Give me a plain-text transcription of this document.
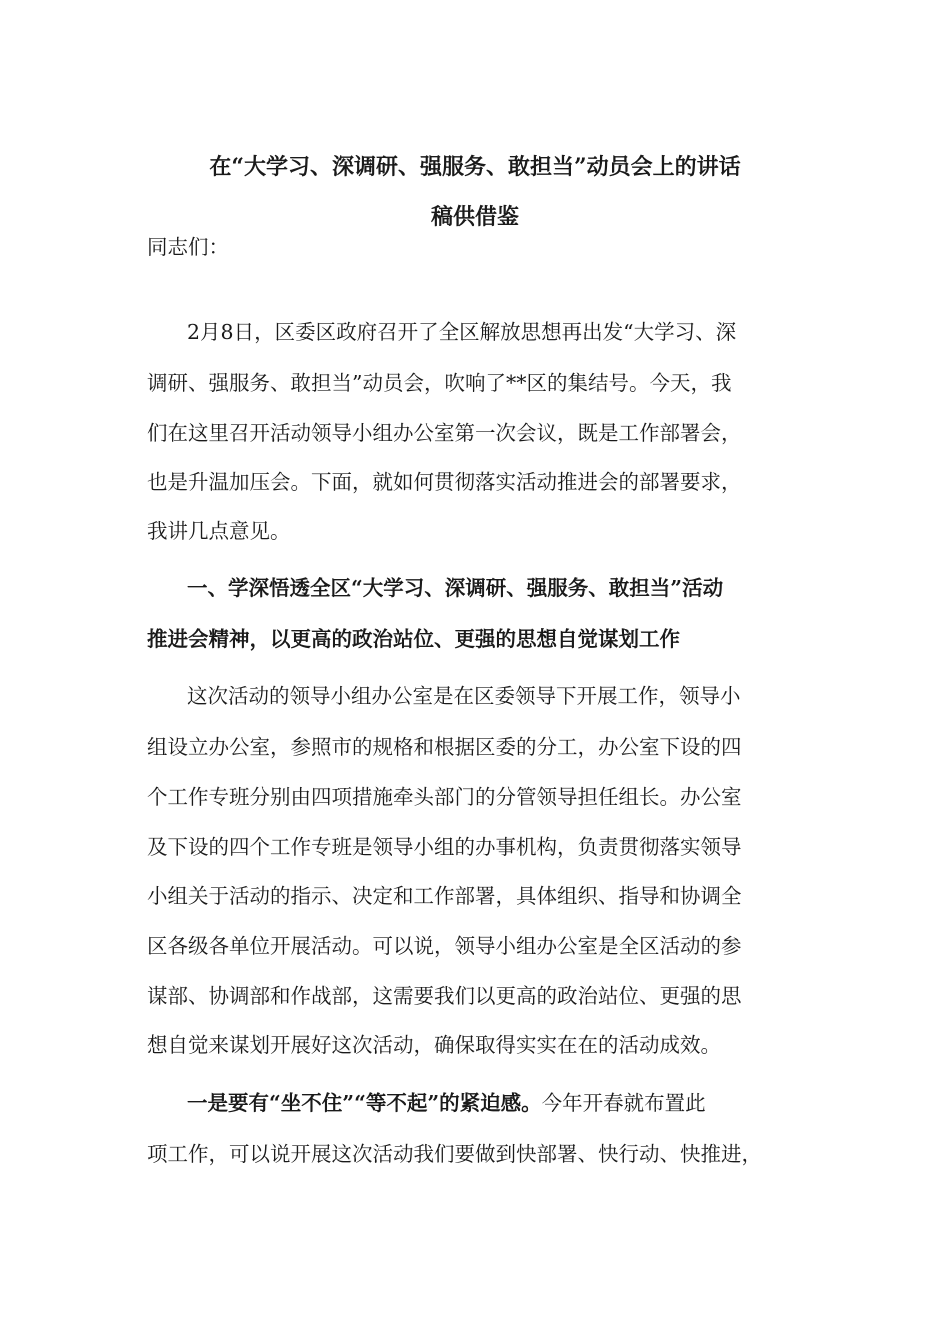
在“大学习、深调研、强服务、敢担当”动员会上的讲话
稿供借鉴
同志们：
2月8日，区委区政府召开了全区解放思想再出发“大学习、深
调研、强服务、敢担当”动员会，吹响了**区的集结号。今天，我
们在这里召开活动领导小组办公室第一次会议，既是工作部署会，
也是升温加压会。下面，就如何贯彻落实活动推进会的部署要求，
我讲几点意见。
一、学深悟透全区“大学习、深调研、强服务、敢担当”活动
推进会精神，以更高的政治站位、更强的思想自觉谋划工作
这次活动的领导小组办公室是在区委领导下开展工作，领导小
组设立办公室，参照市的规格和根据区委的分工，办公室下设的四
个工作专班分别由四项措施牵头部门的分管领导担任组长。办公室
及下设的四个工作专班是领导小组的办事机构，负责贯彻落实领导
小组关于活动的指示、决定和工作部署，具体组织、指导和协调全
区各级各单位开展活动。可以说，领导小组办公室是全区活动的参
谋部、协调部和作战部，这需要我们以更高的政治站位、更强的思
想自觉来谋划开展好这次活动，确保取得实实在在的活动成效。
一是要有“坐不住”“等不起”的紧迫感。今年开春就布置此
项工作，可以说开展这次活动我们要做到快部署、快行动、快推进，
